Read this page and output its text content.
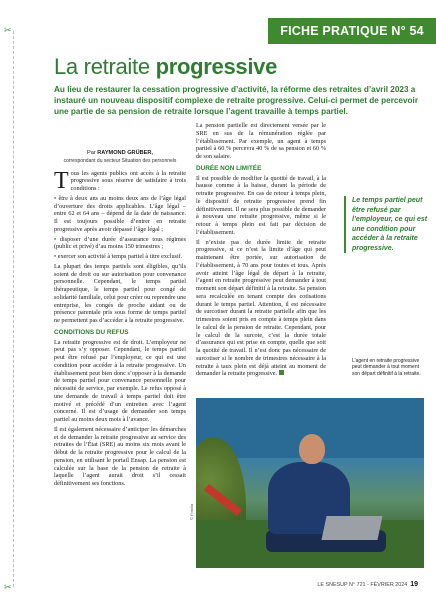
✂
✂
FICHE PRATIQUE N° 54
La retraite progressive

Au lieu de restaurer la cessation progressive d’activité, la réforme des retraites d’avril 2023 a instauré un nouveau dispositif complexe de retraite progressive. Celui-ci permet de percevoir une partie de sa pension de retraite lorsque l’agent travaille à temps partiel.

Par RAYMOND GRÜBER,

correspondant du secteur Situation des personnels

Tous les agents publics ont accès à la retraite progressive sous réserve de satisfaire à trois conditions :

• être à deux ans au moins deux ans de l’âge légal d’ouverture des droits applicables. L’âge légal – entre 62 et 64 ans – dépend de la date de naissance. Il est toujours possible d’entrer en retraite progressive après avoir dépassé l’âge légal ;

• disposer d’une durée d’assurance tous régimes (public et privé) d’au moins 150 trimestres ;

• exercer son activité à temps partiel à titre exclusif.

La plupart des temps partiels sont éligibles, qu’ils soient de droit ou sur autorisation pour convenance personnelle. Cependant, le temps partiel thérapeutique, le temps partiel pour congé de solidarité familiale, celui pour créer ou reprendre une entreprise, les congés de proche aidant ou de présence parentale pris sous forme de temps partiel ne permettent pas d’accéder à la retraite progressive.

CONDITIONS DU REFUS

La retraite progressive est de droit. L’employeur ne peut pas s’y opposer. Cependant, le temps partiel peut être refusé par l’employeur, ce qui est une condition pour accéder à la retraite progressive. Un établissement peut bien donc s’opposer à la demande de temps partiel pour convenance personnelle pour nécessité de service, par exemple. Le refus opposé à une demande de travail à temps partiel doit être motivé et précédé d’un entretien avec l’agent concerné. Il est d’usage de demander son temps partiel au moins deux mois à l’avance.

Il est également nécessaire d’anticiper les démarches et de demander la retraite progressive au service des retraites de l’État (SRE) au moins six mois avant le début de la retraite progressive pour le calcul de la pension, en utilisant le portail Ensap. La pension est calculée sur la base de la pension de retraite à laquelle l’agent aurait droit s’il cessait définitivement ses fonctions.

La pension partielle est directement versée par le SRE en sus de la rémunération réglée par l’établissement. Par exemple, un agent à temps partiel à 60 % percevra 40 % de sa pension et 60 % de son salaire.

DURÉE NON LIMITÉE

Il est possible de modifier la quotité de travail, à la hausse comme à la baisse, durant la période de retraite progressive. En cas de retour à temps plein, le dispositif de retraite progressive prend fin définitivement. Il ne sera plus possible de demander à nouveau une retraite progressive, même si le retour à temps plein est fait par décision de l’établissement.

Il n’existe pas de durée limite de retraite progressive, si ce n’est la limite d’âge qui peut maintenant être portée, sur autorisation de l’établissement, à 70 ans pour toutes et tous. Après avoir atteint l’âge légal de départ à la retraite, l’agent en retraite progressive peut demander à tout moment son départ définitif à la retraite. Sa pension sera recalculée en tenant compte des cotisations durant le temps partiel. Attention, il est nécessaire de surcotiser durant la retraite partielle afin que les trimestres soient pris en compte à temps plein dans le calcul de la pension de retraite. Cependant, pour le calcul de la surcote, c’est la durée totale d’assurance qui est prise en compte, quelle que soit la quotité de travail. Il n’est donc pas nécessaire de surcotiser si le nombre de trimestres nécessaire à la retraite à taux plein est déjà atteint au moment de demander la retraite progressive.

Le temps partiel peut être refusé par l’employeur, ce qui est une condition pour accéder à la retraite progressive.

L’agent en retraite progressive peut demander à tout moment son départ définitif à la retraite.

© Fotolia
LE SNESUP N° 721 - FÉVRIER 2024 19
